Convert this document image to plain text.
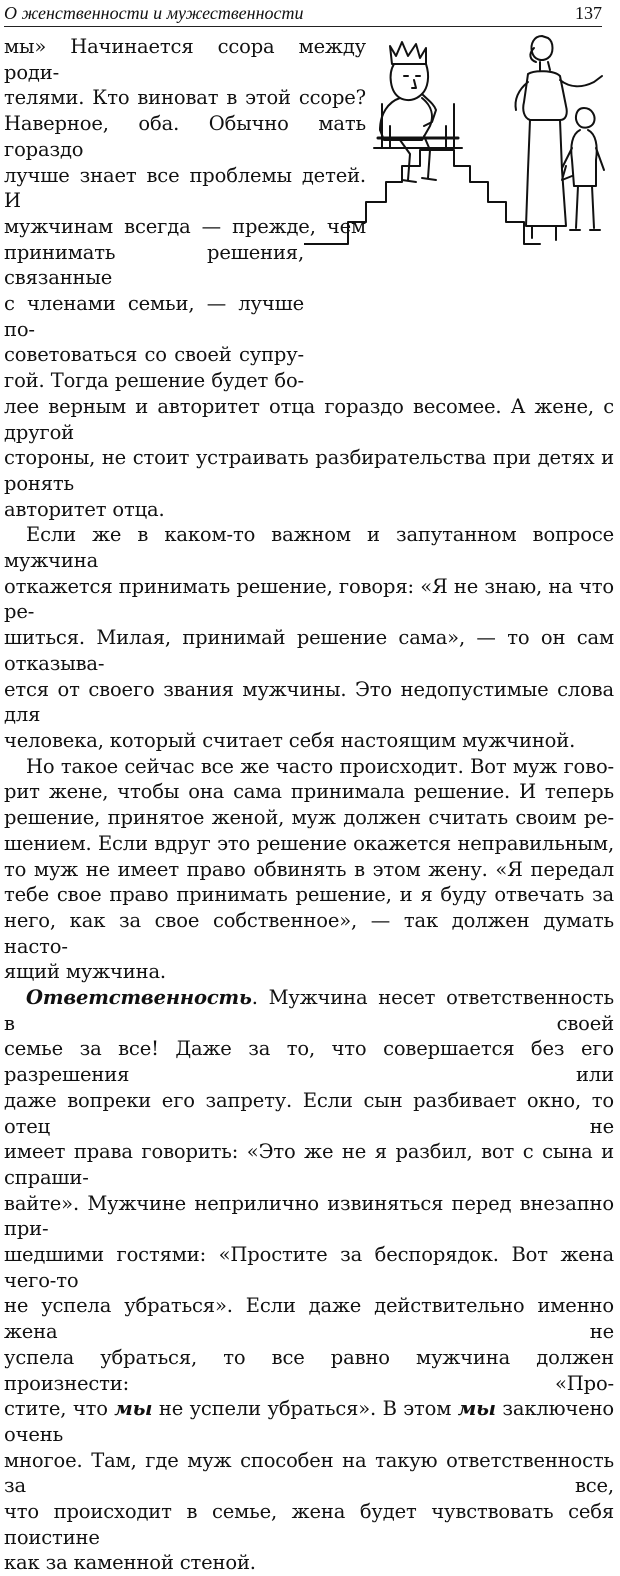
О женственности и мужественности	137

мы» Начинается ссора между роди-
телями. Кто виноват в этой ссоре?
Наверное, оба. Обычно мать гораздо
лучше знает все проблемы детей. И
мужчинам всегда — прежде, чем
принимать решения, связанные
с членами семьи, — лучше по-
советоваться со своей супру-
гой. Тогда решение будет бо-
лее верным и авторитет отца гораздо весомее. А жене, с другой
стороны, не стоит устраивать разбирательства при детях и ронять
авторитет отца.

Если же в каком-то важном и запутанном вопросе мужчина
откажется принимать решение, говоря: «Я не знаю, на что ре-
шиться. Милая, принимай решение сама», — то он сам отказыва-
ется от своего звания мужчины. Это недопустимые слова для
человека, который считает себя настоящим мужчиной.

Но такое сейчас все же часто происходит. Вот муж гово-
рит жене, чтобы она сама принимала решение. И теперь
решение, принятое женой, муж должен считать своим ре-
шением. Если вдруг это решение окажется неправильным,
то муж не имеет право обвинять в этом жену. «Я передал
тебе свое право принимать решение, и я буду отвечать за
него, как за свое собственное», — так должен думать насто-
ящий мужчина.

Ответственность. Мужчина несет ответственность в своей
семье за все! Даже за то, что совершается без его разрешения или
даже вопреки его запрету. Если сын разбивает окно, то отец не
имеет права говорить: «Это же не я разбил, вот с сына и спраши-
вайте». Мужчине неприлично извиняться перед внезапно при-
шедшими гостями: «Простите за беспорядок. Вот жена чего-то
не успела убраться». Если даже действительно именно жена не
успела убраться, то все равно мужчина должен произнести: «Про-
стите, что мы не успели убраться». В этом мы заключено очень
многое. Там, где муж способен на такую ответственность за все,
что происходит в семье, жена будет чувствовать себя поистине
как за каменной стеной.
